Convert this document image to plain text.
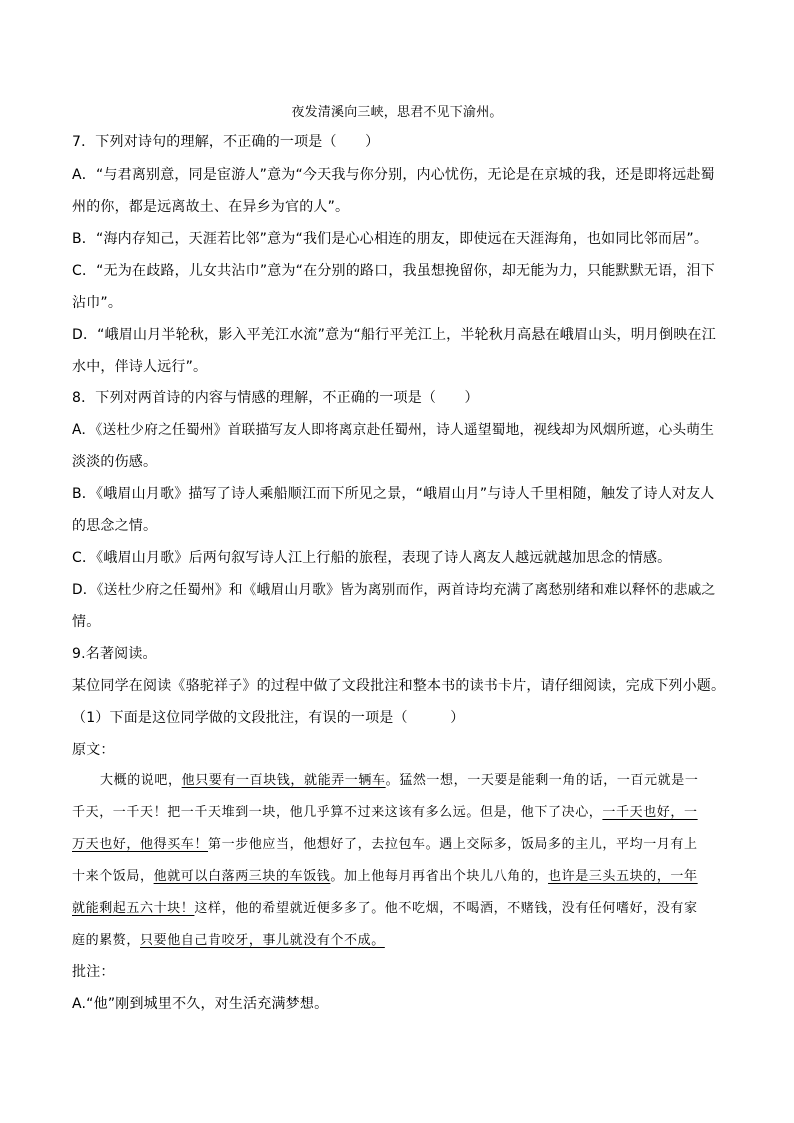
夜发清溪向三峡，思君不见下渝州。
7．下列对诗句的理解，不正确的一项是（　　）
A．“与君离别意，同是宦游人”意为“今天我与你分别，内心忧伤，无论是在京城的我，还是即将远赴蜀
州的你，都是远离故土、在异乡为官的人”。
B．“海内存知己，天涯若比邻”意为“我们是心心相连的朋友，即使远在天涯海角，也如同比邻而居”。
C．“无为在歧路，儿女共沾巾”意为“在分别的路口，我虽想挽留你，却无能为力，只能默默无语，泪下
沾巾”。
D．“峨眉山月半轮秋，影入平羌江水流”意为“船行平羌江上，半轮秋月高悬在峨眉山头，明月倒映在江
水中，伴诗人远行”。
8．下列对两首诗的内容与情感的理解，不正确的一项是（　　）
A．《送杜少府之任蜀州》首联描写友人即将离京赴任蜀州，诗人遥望蜀地，视线却为风烟所遮，心头萌生
淡淡的伤感。
B．《峨眉山月歌》描写了诗人乘船顺江而下所见之景，“峨眉山月”与诗人千里相随，触发了诗人对友人
的思念之情。
C．《峨眉山月歌》后两句叙写诗人江上行船的旅程，表现了诗人离友人越远就越加思念的情感。
D．《送杜少府之任蜀州》和《峨眉山月歌》皆为离别而作，两首诗均充满了离愁别绪和难以释怀的悲戚之
情。
9.名著阅读。
某位同学在阅读《骆驼祥子》的过程中做了文段批注和整本书的读书卡片，请仔细阅读，完成下列小题。
（1）下面是这位同学做的文段批注，有误的一项是（　　　）
原文：
大概的说吧，他只要有一百块钱，就能弄一辆车。猛然一想，一天要是能剩一角的话，一百元就是一
千天，一千天！把一千天堆到一块，他几乎算不过来这该有多么远。但是，他下了决心，一千天也好，一
万天也好，他得买车！第一步他应当，他想好了，去拉包车。遇上交际多，饭局多的主儿，平均一月有上
十来个饭局，他就可以白落两三块的车饭钱。加上他每月再省出个块儿八角的，也许是三头五块的，一年
就能剩起五六十块！这样，他的希望就近便多多了。他不吃烟，不喝酒，不赌钱，没有任何嗜好，没有家
庭的累赘，只要他自己肯咬牙，事儿就没有个不成。
批注：
A.“他”刚到城里不久，对生活充满梦想。
